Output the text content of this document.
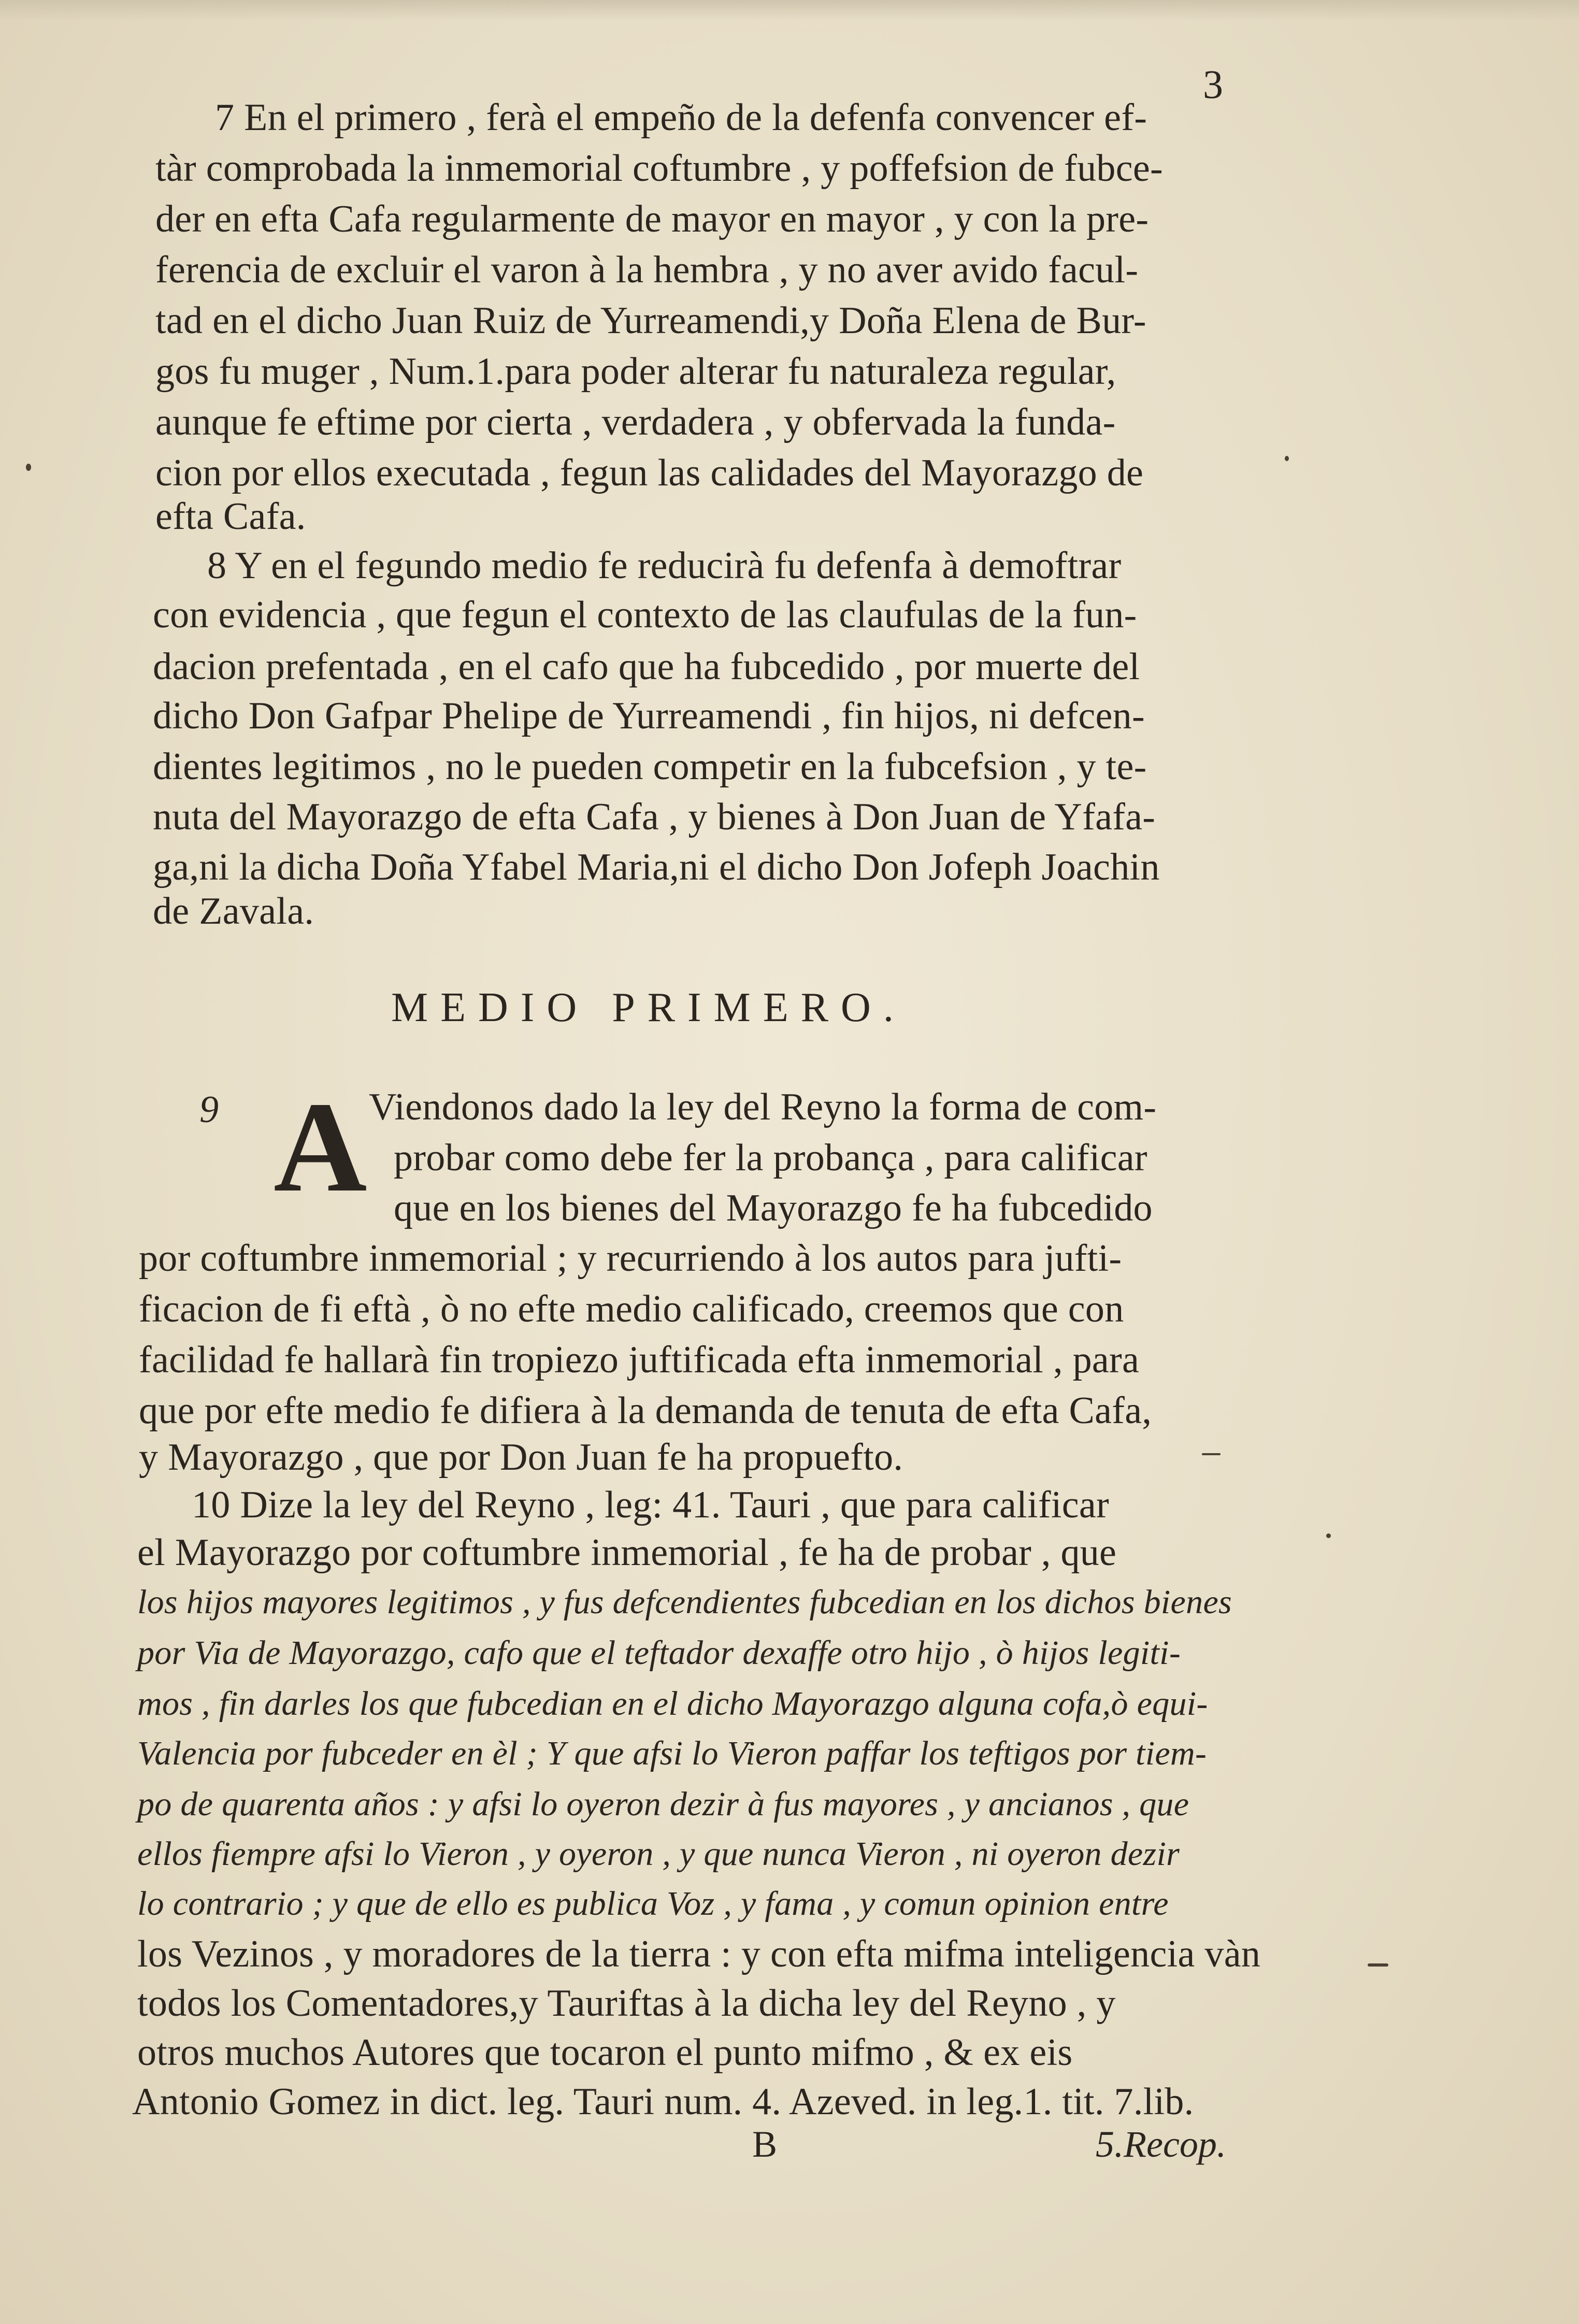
3
7 En el primero , ferà el empeño de la defenfa convencer ef-
tàr comprobada la inmemorial coftumbre , y poffefsion de fubce-
der en efta Cafa regularmente de mayor en mayor , y con la pre-
ferencia de excluir el varon à la hembra , y no aver avido facul-
tad en el dicho Juan Ruiz de Yurreamendi,y Doña Elena de Bur-
gos fu muger , Num.1.para poder alterar fu naturaleza regular,
aunque fe eftime por cierta , verdadera , y obfervada la funda-
cion por ellos executada , fegun las calidades del Mayorazgo de
efta Cafa.
8 Y en el fegundo medio fe reducirà fu defenfa à demoftrar
con evidencia , que fegun el contexto de las claufulas de la fun-
dacion prefentada , en el cafo que ha fubcedido , por muerte del
dicho Don Gafpar Phelipe de Yurreamendi , fin hijos, ni defcen-
dientes legitimos , no le pueden competir en la fubcefsion , y te-
nuta del Mayorazgo de efta Cafa , y bienes à Don Juan de Yfafa-
ga,ni la dicha Doña Yfabel Maria,ni el dicho Don Jofeph Joachin
de Zavala.
MEDIO PRIMERO.
9 A Viendonos dado la ley del Reyno la forma de com-
probar como debe fer la probança , para calificar
que en los bienes del Mayorazgo fe ha fubcedido
por coftumbre inmemorial ; y recurriendo à los autos para jufti-
ficacion de fi eftà , ò no efte medio calificado, creemos que con
facilidad fe hallarà fin tropiezo juftificada efta inmemorial , para
que por efte medio fe difiera à la demanda de tenuta de efta Cafa,
y Mayorazgo , que por Don Juan fe ha propuefto.
10 Dize la ley del Reyno , leg: 41. Tauri , que para calificar
el Mayorazgo por coftumbre inmemorial , fe ha de probar , que
los hijos mayores legitimos , y fus defcendientes fubcedian en los dichos bienes
por Via de Mayorazgo, cafo que el teftador dexaffe otro hijo , ò hijos legiti-
mos , fin darles los que fubcedian en el dicho Mayorazgo alguna cofa,ò equi-
Valencia por fubceder en èl ; Y que afsi lo Vieron paffar los teftigos por tiem-
po de quarenta años : y afsi lo oyeron dezir à fus mayores , y ancianos , que
ellos fiempre afsi lo Vieron , y oyeron , y que nunca Vieron , ni oyeron dezir
lo contrario ; y que de ello es publica Voz , y fama , y comun opinion entre
los Vezinos , y moradores de la tierra : y con efta mifma inteligencia vàn
todos los Comentadores,y Tauriftas à la dicha ley del Reyno , y
otros muchos Autores que tocaron el punto mifmo , & ex eis
Antonio Gomez in dict. leg. Tauri num. 4. Azeved. in leg.1. tit. 7.lib.
B	5.Recop.
